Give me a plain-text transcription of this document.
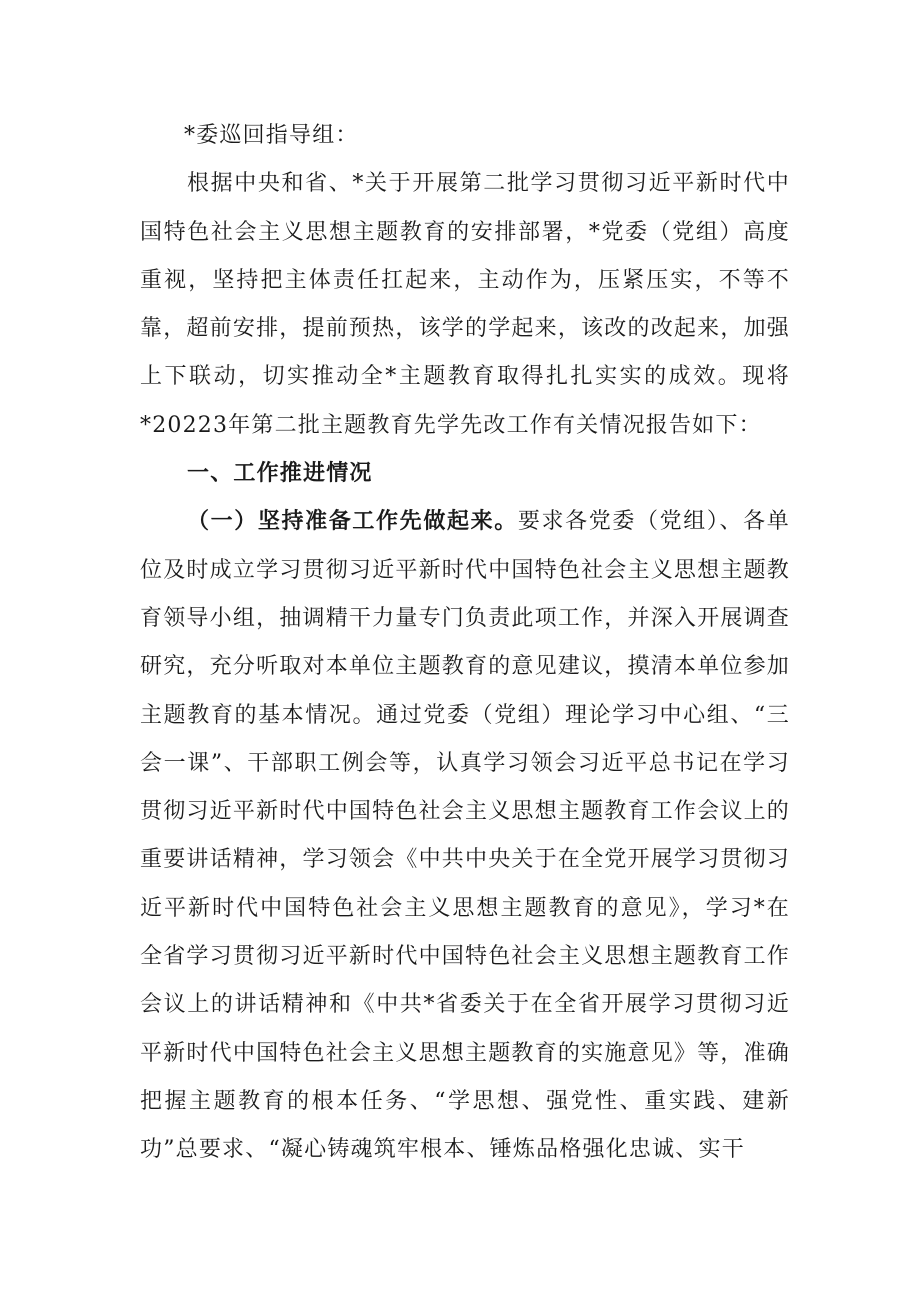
*委巡回指导组：

根据中央和省、*关于开展第二批学习贯彻习近平新时代中国特色社会主义思想主题教育的安排部署，*党委（党组）高度重视，坚持把主体责任扛起来，主动作为，压紧压实，不等不靠，超前安排，提前预热，该学的学起来，该改的改起来，加强上下联动，切实推动全*主题教育取得扎扎实实的成效。现将*20223年第二批主题教育先学先改工作有关情况报告如下：

一、工作推进情况

（一）坚持准备工作先做起来。要求各党委（党组）、各单位及时成立学习贯彻习近平新时代中国特色社会主义思想主题教育领导小组，抽调精干力量专门负责此项工作，并深入开展调查研究，充分听取对本单位主题教育的意见建议，摸清本单位参加主题教育的基本情况。通过党委（党组）理论学习中心组、“三会一课”、干部职工例会等，认真学习领会习近平总书记在学习贯彻习近平新时代中国特色社会主义思想主题教育工作会议上的重要讲话精神，学习领会《中共中央关于在全党开展学习贯彻习近平新时代中国特色社会主义思想主题教育的意见》，学习*在全省学习贯彻习近平新时代中国特色社会主义思想主题教育工作会议上的讲话精神和《中共*省委关于在全省开展学习贯彻习近平新时代中国特色社会主义思想主题教育的实施意见》等，准确把握主题教育的根本任务、“学思想、强党性、重实践、建新功”总要求、“凝心铸魂筑牢根本、锤炼品格强化忠诚、实干
